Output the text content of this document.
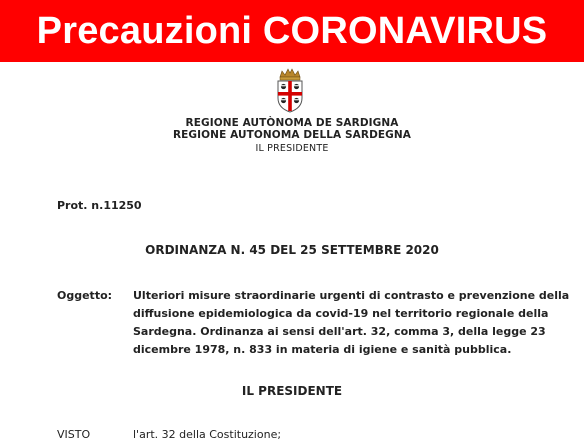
Precauzioni CORONAVIRUS
REGIONE AUTÒNOMA DE SARDIGNA
REGIONE AUTONOMA DELLA SARDEGNA
IL PRESIDENTE
Prot. n.11250
ORDINANZA N. 45 DEL 25 SETTEMBRE 2020
Oggetto: Ulteriori misure straordinarie urgenti di contrasto e prevenzione della
diffusione epidemiologica da covid-19 nel territorio regionale della
Sardegna. Ordinanza ai sensi dell'art. 32, comma 3, della legge 23
dicembre 1978, n. 833 in materia di igiene e sanità pubblica.
IL PRESIDENTE
VISTO	l'art. 32 della Costituzione;
